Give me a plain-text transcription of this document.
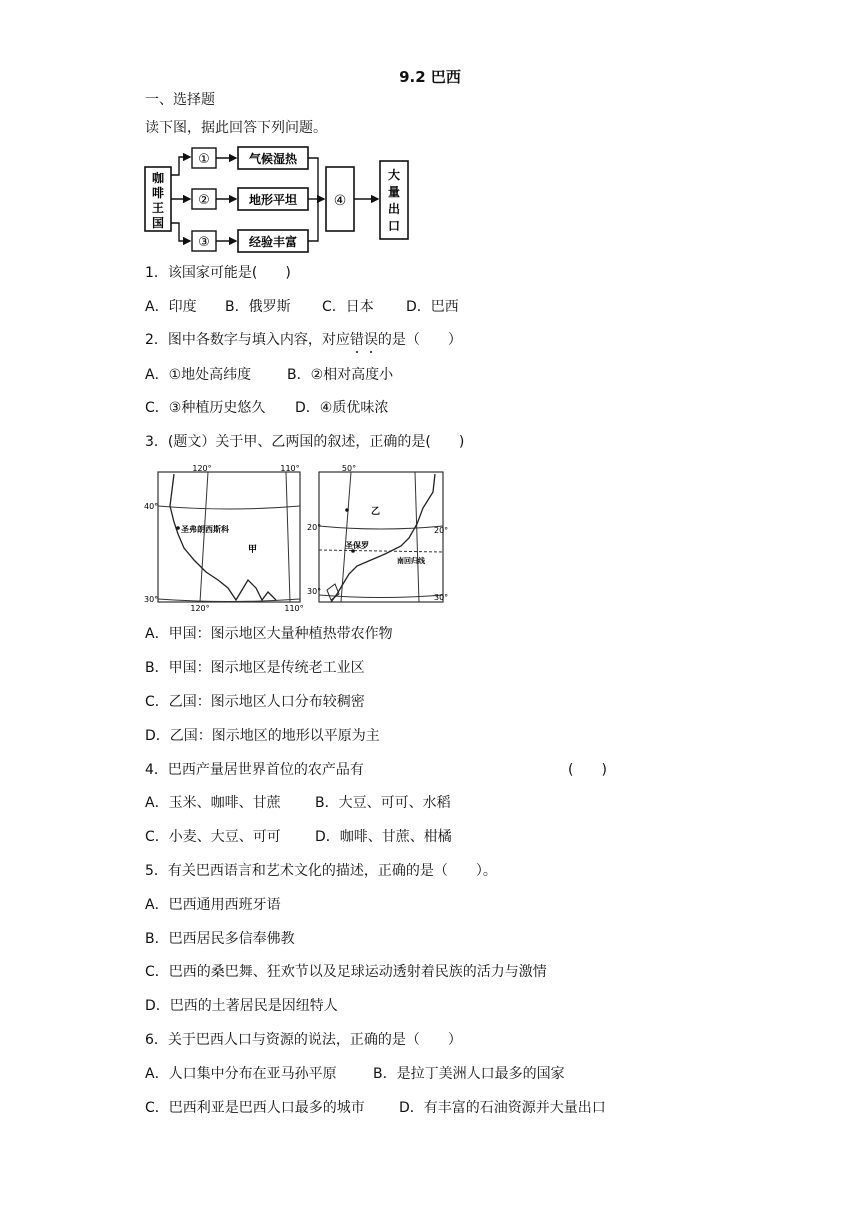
9.2 巴西
一、选择题
读下图，据此回答下列问题。
咖
啡
王
国
①
②
③
气候湿热
地形平坦
经验丰富
④
大
量
出
口
1．该国家可能是(　　)
A．印度 B．俄罗斯 C．日本 D．巴西
2．图中各数字与填入内容，对应错误的是（　　）
A．①地处高纬度	B．②相对高度小
C．③种植历史悠久 D．④质优味浓
3．(题文）关于甲、乙两国的叙述，正确的是(　　)
120°	110°
40°
30°
120°	110°
圣弗朗西斯科
甲
50°
20°
30°
20°
30°
乙
圣保罗
南回归线
A．甲国：图示地区大量种植热带农作物
B．甲国：图示地区是传统老工业区
C．乙国：图示地区人口分布较稠密
D．乙国：图示地区的地形以平原为主
4．巴西产量居世界首位的农产品有	(　　)
A．玉米、咖啡、甘蔗 B．大豆、可可、水稻
C．小麦、大豆、可可 D．咖啡、甘蔗、柑橘
5．有关巴西语言和艺术文化的描述，正确的是（　　）。
A．巴西通用西班牙语
B．巴西居民多信奉佛教
C．巴西的桑巴舞、狂欢节以及足球运动透射着民族的活力与激情
D．巴西的土著居民是因纽特人
6．关于巴西人口与资源的说法，正确的是（　　）
A．人口集中分布在亚马孙平原	B．是拉丁美洲人口最多的国家
C．巴西利亚是巴西人口最多的城市 D．有丰富的石油资源并大量出口
